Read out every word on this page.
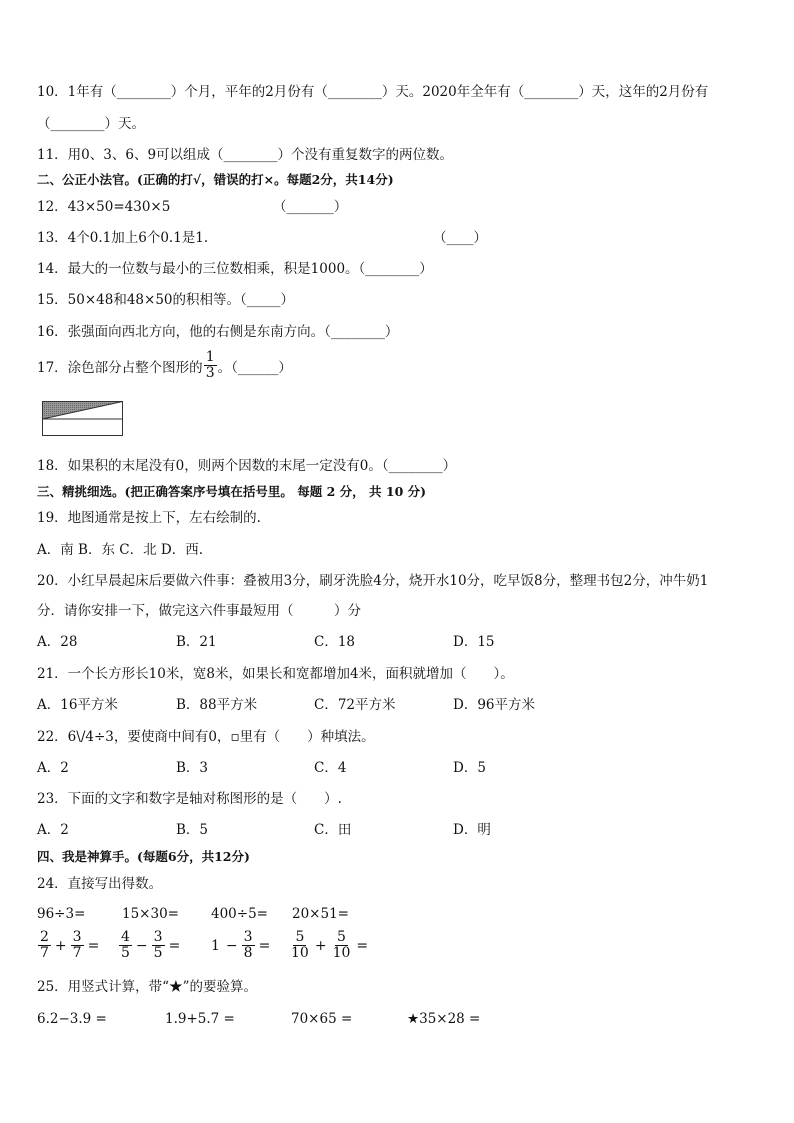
10．1年有（________）个月，平年的2月份有（________）天。2020年全年有（________）天，这年的2月份有
（________）天。
11．用0、3、6、9可以组成（________）个没有重复数字的两位数。
二、公正小法官。(正确的打√，错误的打×。每题2分，共14分)
12．43×50=430×5	（_______）
13．4个0.1加上6个0.1是1.	（____）
14．最大的一位数与最小的三位数相乘，积是1000。（________）
15．50×48和48×50的积相等。（_____）
16．张强面向西北方向，他的右侧是东南方向。（________）
17．涂色部分占整个图形的 $\frac{1}{3}$ 。（______）
18．如果积的末尾没有0，则两个因数的末尾一定没有0。（________）
三、精挑细选。(把正确答案序号填在括号里。 每题 2 分， 共 10 分)
19．地图通常是按上下，左右绘制的.
A．南 B．东 C．北 D．西.
20．小红早晨起床后要做六件事：叠被用3分，刷牙洗脸4分，烧开水10分，吃早饭8分，整理书包2分，冲牛奶1
分．请你安排一下，做完这六件事最短用（　　　）分
A．28	B．21	C．18	D．15
21．一个长方形长10米，宽8米，如果长和宽都增加4米，面积就增加（　　）。
A．16平方米	B．88平方米	C．72平方米	D．96平方米
22．6\/4÷3，要使商中间有0，▫里有（　　）种填法。
A．2	B．3	C．4	D．5
23．下面的文字和数字是轴对称图形的是（　　）.
A．2	B．5	C．田	D．明
四、我是神算手。(每题6分，共12分)
24．直接写出得数。
96÷3=	15×30= 400÷5= 20×51=
$\frac{2}{7} + \frac{3}{7} = \frac{4}{5} - \frac{3}{5} = 1 - \frac{3}{8} = \frac{5}{10} + \frac{5}{10}$ =
25．用竖式计算，带“★”的要验算。
6.2−3.9 =	1.9+5.7 =	70×65 =	★35×28 =
